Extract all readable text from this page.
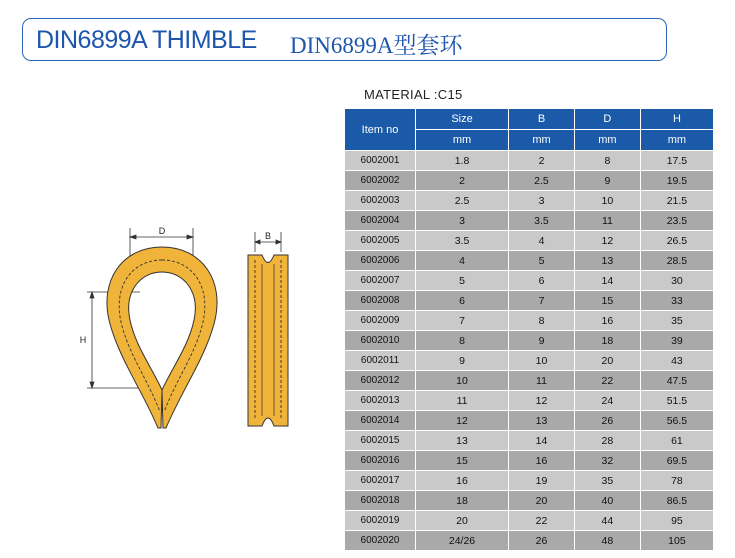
DIN6899A THIMBLE DIN6899A型套环
MATERIAL :C15
D
H
B
Item no	Size	B	D	H
	mm	mm	mm	mm
6002001	1.8	2	8	17.5
6002002	2	2.5	9	19.5
6002003	2.5	3	10	21.5
6002004	3	3.5	11	23.5
6002005	3.5	4	12	26.5
6002006	4	5	13	28.5
6002007	5	6	14	30
6002008	6	7	15	33
6002009	7	8	16	35
6002010	8	9	18	39
6002011	9	10	20	43
6002012	10	11	22	47.5
6002013	11	12	24	51.5
6002014	12	13	26	56.5
6002015	13	14	28	61
6002016	15	16	32	69.5
6002017	16	19	35	78
6002018	18	20	40	86.5
6002019	20	22	44	95
6002020	24/26	26	48	105
